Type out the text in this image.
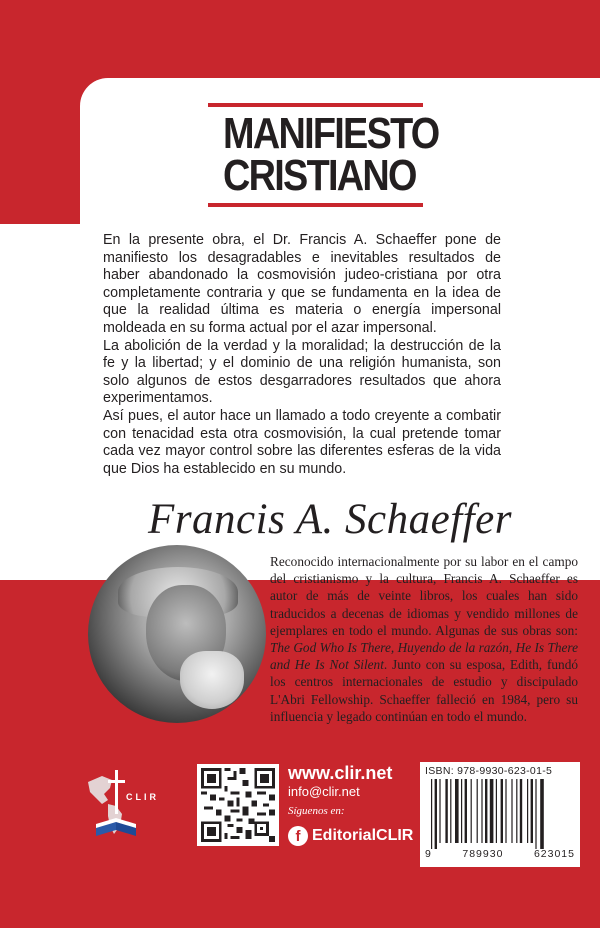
MANIFIESTO
CRISTIANO

En la presente obra, el Dr. Francis A. Schaeffer pone de manifiesto los desagradables e inevitables resultados de haber abandonado la cosmovisión judeo-cristiana por otra completamente contraria y que se fundamenta en la idea de que la realidad última es materia o energía impersonal moldeada en su forma actual por el azar impersonal.

La abolición de la verdad y la moralidad; la destrucción de la fe y la libertad; y el dominio de una religión humanista, son solo algunos de estos desgarradores resultados que ahora experimentamos.

Así pues, el autor hace un llamado a todo creyente a combatir con tenacidad esta otra cosmovisión, la cual pretende tomar cada vez mayor control sobre las diferentes esferas de la vida que Dios ha establecido en su mundo.

Francis A. Schaeffer
Reconocido internacionalmente por su labor en el campo del cristianismo y la cultura, Francis A. Schaeffer es autor de más de veinte libros, los cuales han sido traducidos a decenas de idiomas y vendido millones de ejemplares en todo el mundo. Algunas de sus obras son: The God Who Is There, Huyendo de la razón, He Is There and He Is Not Silent. Junto con su esposa, Edith, fundó los centros internacionales de estudio y discipulado L'Abri Fellowship. Schaeffer falleció en 1984, pero su influencia y legado continúan en todo el mundo.
CLIR
www.clir.net
info@clir.net
Síguenos en:
f EditorialCLIR
ISBN: 978-9930-623-01-5
9	789930	623015
